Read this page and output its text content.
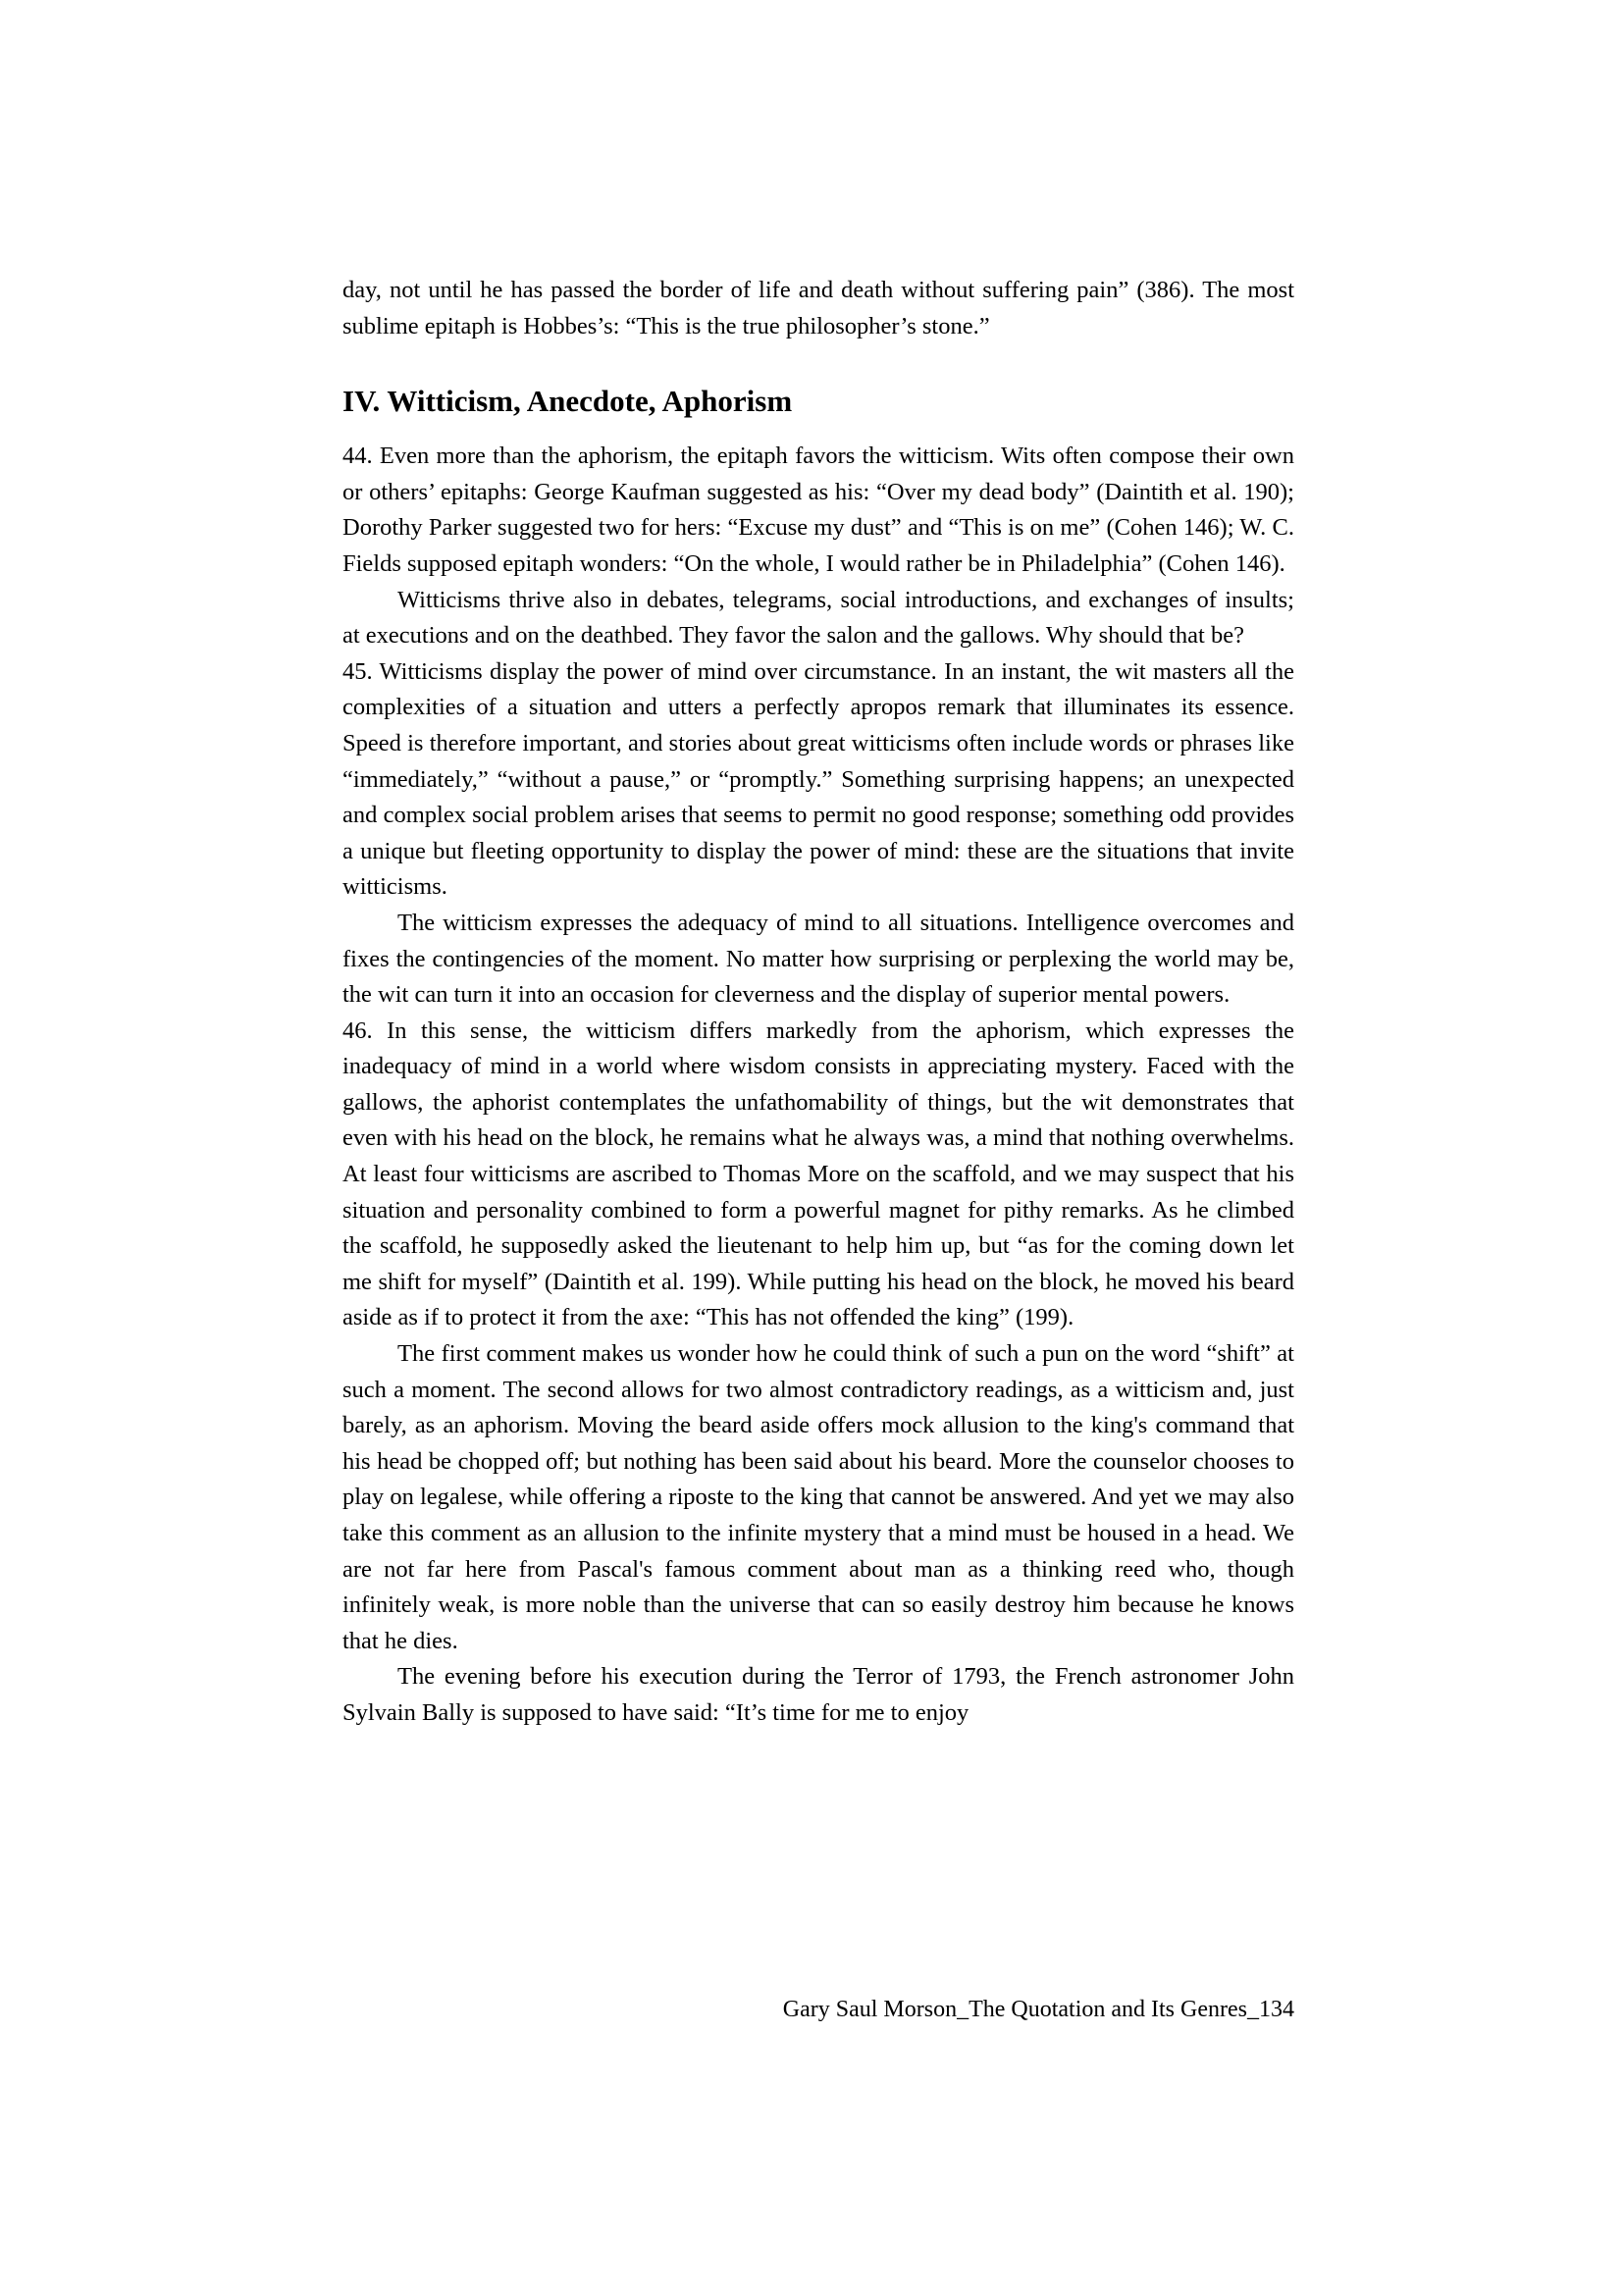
day, not until he has passed the border of life and death without suffering pain” (386). The most sublime epitaph is Hobbes’s: “This is the true philosopher’s stone.”

IV. Witticism, Anecdote, Aphorism

44. Even more than the aphorism, the epitaph favors the witticism. Wits often compose their own or others’ epitaphs: George Kaufman suggested as his: “Over my dead body” (Daintith et al. 190); Dorothy Parker suggested two for hers: “Excuse my dust” and “This is on me” (Cohen 146); W. C. Fields supposed epitaph wonders: “On the whole, I would rather be in Philadelphia” (Cohen 146).

Witticisms thrive also in debates, telegrams, social introductions, and exchanges of insults; at executions and on the deathbed. They favor the salon and the gallows. Why should that be?

45. Witticisms display the power of mind over circumstance. In an instant, the wit masters all the complexities of a situation and utters a perfectly apropos remark that illuminates its essence. Speed is therefore important, and stories about great witticisms often include words or phrases like “immediately,” “without a pause,” or “promptly.” Something surprising happens; an unexpected and complex social problem arises that seems to permit no good response; something odd provides a unique but fleeting opportunity to display the power of mind: these are the situations that invite witticisms.

The witticism expresses the adequacy of mind to all situations. Intelligence overcomes and fixes the contingencies of the moment. No matter how surprising or perplexing the world may be, the wit can turn it into an occasion for cleverness and the display of superior mental powers.

46. In this sense, the witticism differs markedly from the aphorism, which expresses the inadequacy of mind in a world where wisdom consists in appreciating mystery. Faced with the gallows, the aphorist contemplates the unfathomability of things, but the wit demonstrates that even with his head on the block, he remains what he always was, a mind that nothing overwhelms. At least four witticisms are ascribed to Thomas More on the scaffold, and we may suspect that his situation and personality combined to form a powerful magnet for pithy remarks. As he climbed the scaffold, he supposedly asked the lieutenant to help him up, but “as for the coming down let me shift for myself” (Daintith et al. 199). While putting his head on the block, he moved his beard aside as if to protect it from the axe: “This has not offended the king” (199).

The first comment makes us wonder how he could think of such a pun on the word “shift” at such a moment. The second allows for two almost contradictory readings, as a witticism and, just barely, as an aphorism. Moving the beard aside offers mock allusion to the king's command that his head be chopped off; but nothing has been said about his beard. More the counselor chooses to play on legalese, while offering a riposte to the king that cannot be answered. And yet we may also take this comment as an allusion to the infinite mystery that a mind must be housed in a head. We are not far here from Pascal's famous comment about man as a thinking reed who, though infinitely weak, is more noble than the universe that can so easily destroy him because he knows that he dies.

The evening before his execution during the Terror of 1793, the French astronomer John Sylvain Bally is supposed to have said: “It’s time for me to enjoy

Gary Saul Morson_The Quotation and Its Genres_134
